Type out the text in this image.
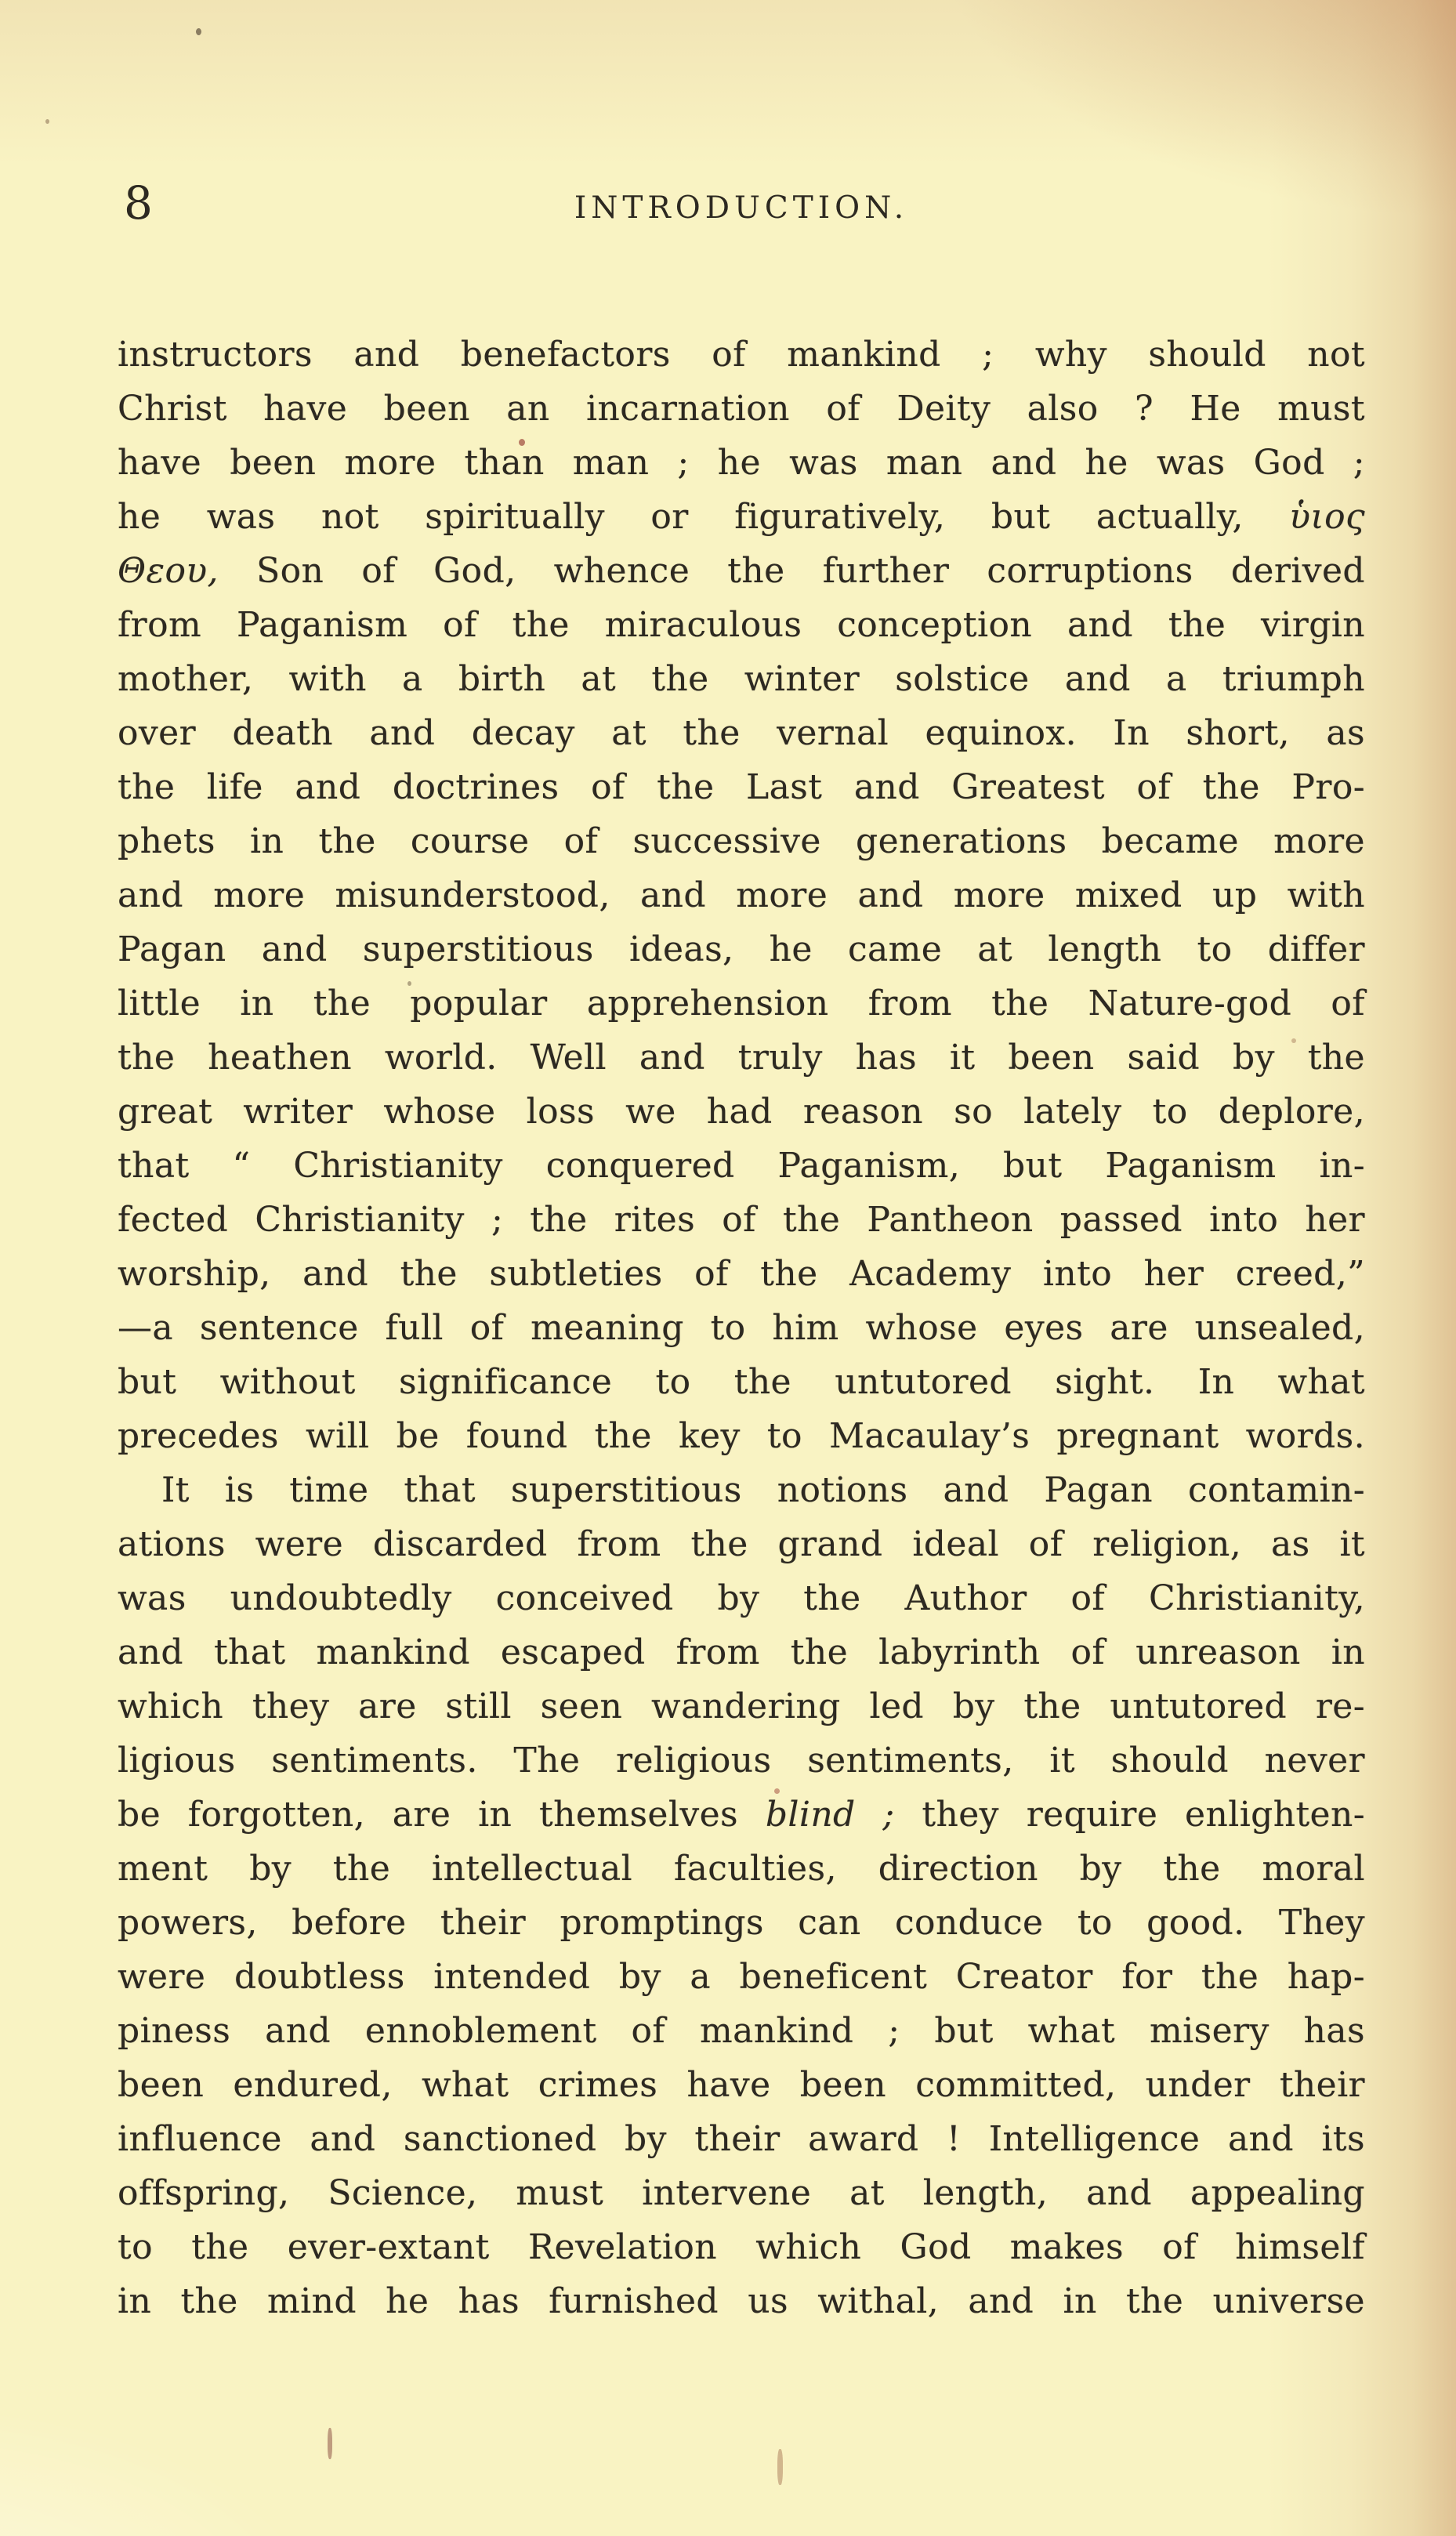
8	INTRODUCTION.
instructors and benefactors of mankind ; why should not
Christ have been an incarnation of Deity also ? He must
have been more than man ; he was man and he was God ;
he was not spiritually or figuratively, but actually, ὑιος
Θεου, Son of God, whence the further corruptions derived
from Paganism of the miraculous conception and the virgin
mother, with a birth at the winter solstice and a triumph
over death and decay at the vernal equinox. In short, as
the life and doctrines of the Last and Greatest of the Pro-
phets in the course of successive generations became more
and more misunderstood, and more and more mixed up with
Pagan and superstitious ideas, he came at length to differ
little in the popular apprehension from the Nature-god of
the heathen world. Well and truly has it been said by the
great writer whose loss we had reason so lately to deplore,
that “ Christianity conquered Paganism, but Paganism in-
fected Christianity ; the rites of the Pantheon passed into her
worship, and the subtleties of the Academy into her creed,”
—a sentence full of meaning to him whose eyes are unsealed,
but without significance to the untutored sight. In what
precedes will be found the key to Macaulay’s pregnant words.
It is time that superstitious notions and Pagan contamin-
ations were discarded from the grand ideal of religion, as it
was undoubtedly conceived by the Author of Christianity,
and that mankind escaped from the labyrinth of unreason in
which they are still seen wandering led by the untutored re-
ligious sentiments. The religious sentiments, it should never
be forgotten, are in themselves blind ; they require enlighten-
ment by the intellectual faculties, direction by the moral
powers, before their promptings can conduce to good. They
were doubtless intended by a beneficent Creator for the hap-
piness and ennoblement of mankind ; but what misery has
been endured, what crimes have been committed, under their
influence and sanctioned by their award ! Intelligence and its
offspring, Science, must intervene at length, and appealing
to the ever-extant Revelation which God makes of himself
in the mind he has furnished us withal, and in the universe
